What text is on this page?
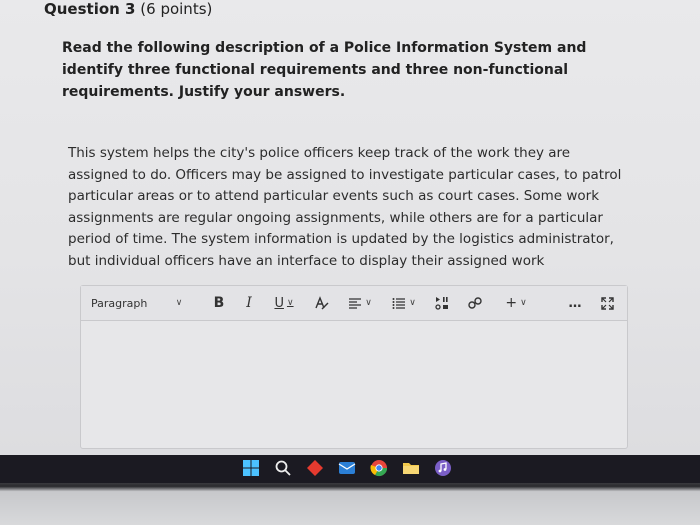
Question 3 (6 points)
Read the following description of a Police Information System and identify three functional requirements and three non-functional requirements. Justify your answers.
This system helps the city's police officers keep track of the work they are assigned to do. Officers may be assigned to investigate particular cases, to patrol particular areas or to attend particular events such as court cases. Some work assignments are regular ongoing assignments, while others are for a particular period of time. The system information is updated by the logistics administrator, but individual officers have an interface to display their assigned work
Paragraph	∨	B	I	U ∨	∨	∨	+ ∨	…
